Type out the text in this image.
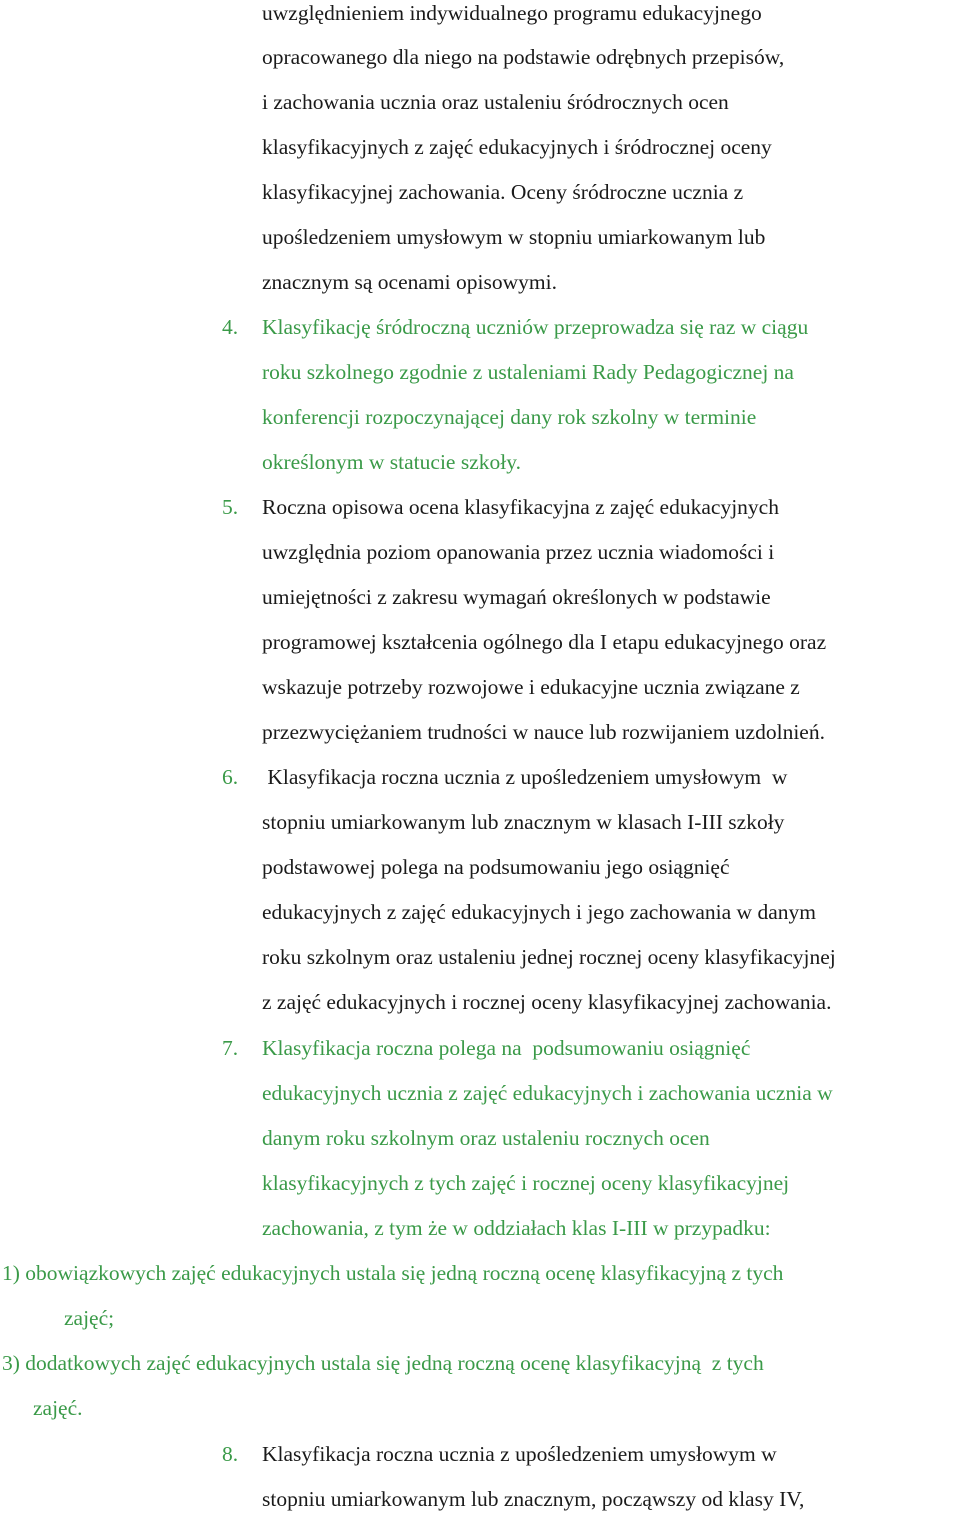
uwzględnieniem indywidualnego programu edukacyjnego
opracowanego dla niego na podstawie odrębnych przepisów,
i zachowania ucznia oraz ustaleniu śródrocznych ocen
klasyfikacyjnych z zajęć edukacyjnych i śródrocznej oceny
klasyfikacyjnej zachowania. Oceny śródroczne ucznia z
upośledzeniem umysłowym w stopniu umiarkowanym lub
znacznym są ocenami opisowymi.
4. Klasyfikację śródroczną uczniów przeprowadza się raz w ciągu
roku szkolnego zgodnie z ustaleniami Rady Pedagogicznej na
konferencji rozpoczynającej dany rok szkolny w terminie
określonym w statucie szkoły.
5. Roczna opisowa ocena klasyfikacyjna z zajęć edukacyjnych
uwzględnia poziom opanowania przez ucznia wiadomości i
umiejętności z zakresu wymagań określonych w podstawie
programowej kształcenia ogólnego dla I etapu edukacyjnego oraz
wskazuje potrzeby rozwojowe i edukacyjne ucznia związane z
przezwyciężaniem trudności w nauce lub rozwijaniem uzdolnień.
6. Klasyfikacja roczna ucznia z upośledzeniem umysłowym  w
stopniu umiarkowanym lub znacznym w klasach I-III szkoły
podstawowej polega na podsumowaniu jego osiągnięć
edukacyjnych z zajęć edukacyjnych i jego zachowania w danym
roku szkolnym oraz ustaleniu jednej rocznej oceny klasyfikacyjnej
z zajęć edukacyjnych i rocznej oceny klasyfikacyjnej zachowania.
7. Klasyfikacja roczna polega na  podsumowaniu osiągnięć
edukacyjnych ucznia z zajęć edukacyjnych i zachowania ucznia w
danym roku szkolnym oraz ustaleniu rocznych ocen
klasyfikacyjnych z tych zajęć i rocznej oceny klasyfikacyjnej
zachowania, z tym że w oddziałach klas I-III w przypadku:
1) obowiązkowych zajęć edukacyjnych ustala się jedną roczną ocenę klasyfikacyjną z tych
zajęć;
3) dodatkowych zajęć edukacyjnych ustala się jedną roczną ocenę klasyfikacyjną  z tych
zajęć.
8. Klasyfikacja roczna ucznia z upośledzeniem umysłowym w
stopniu umiarkowanym lub znacznym, począwszy od klasy IV,
